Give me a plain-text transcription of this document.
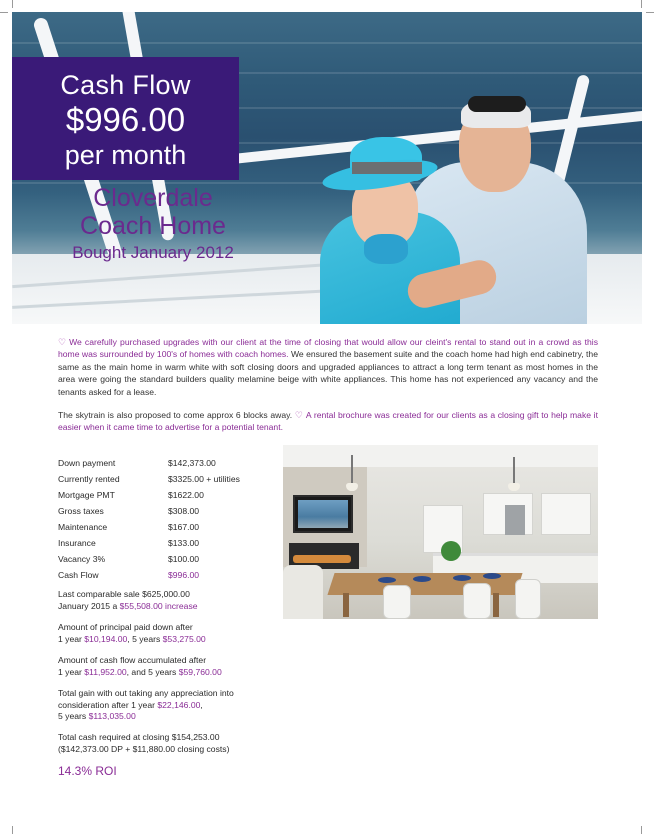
Cash Flow
$996.00
per month
Cloverdale
Coach Home
Bought January 2012

♡ We carefully purchased upgrades with our client at the time of closing that would allow our cleint's rental to stand out in a crowd as this home was surrounded by 100's of homes with coach homes. We ensured the basement suite and the coach home had high end cabinetry, the same as the main home in warm white with soft closing doors and upgraded appliances to attract a long term tenant as most homes in the area were going the standard builders quality melamine beige with white appliances. This home has not experienced any vacancy and the tenants asked for a lease.

The skytrain is also proposed to come approx 6 blocks away. ♡ A rental brochure was created for our clients as a closing gift to help make it easier when it came time to advertise for a potential tenant.

Down payment	$142,373.00
Currently rented	$3325.00 + utilities
Mortgage PMT	$1622.00
Gross taxes	$308.00
Maintenance	$167.00
Insurance	$133.00
Vacancy 3%	$100.00
Cash Flow	$996.00
Last comparable sale $625,000.00
January 2015 a $55,508.00 increase
Amount of principal paid down after
1 year $10,194.00, 5 years $53,275.00
Amount of cash flow accumulated after
1 year $11,952.00, and 5 years $59,760.00
Total gain with out taking any appreciation into
consideration after 1 year $22,146.00,
5 years $113,035.00
Total cash required at closing $154,253.00
($142,373.00 DP + $11,880.00 closing costs)
14.3% ROI
